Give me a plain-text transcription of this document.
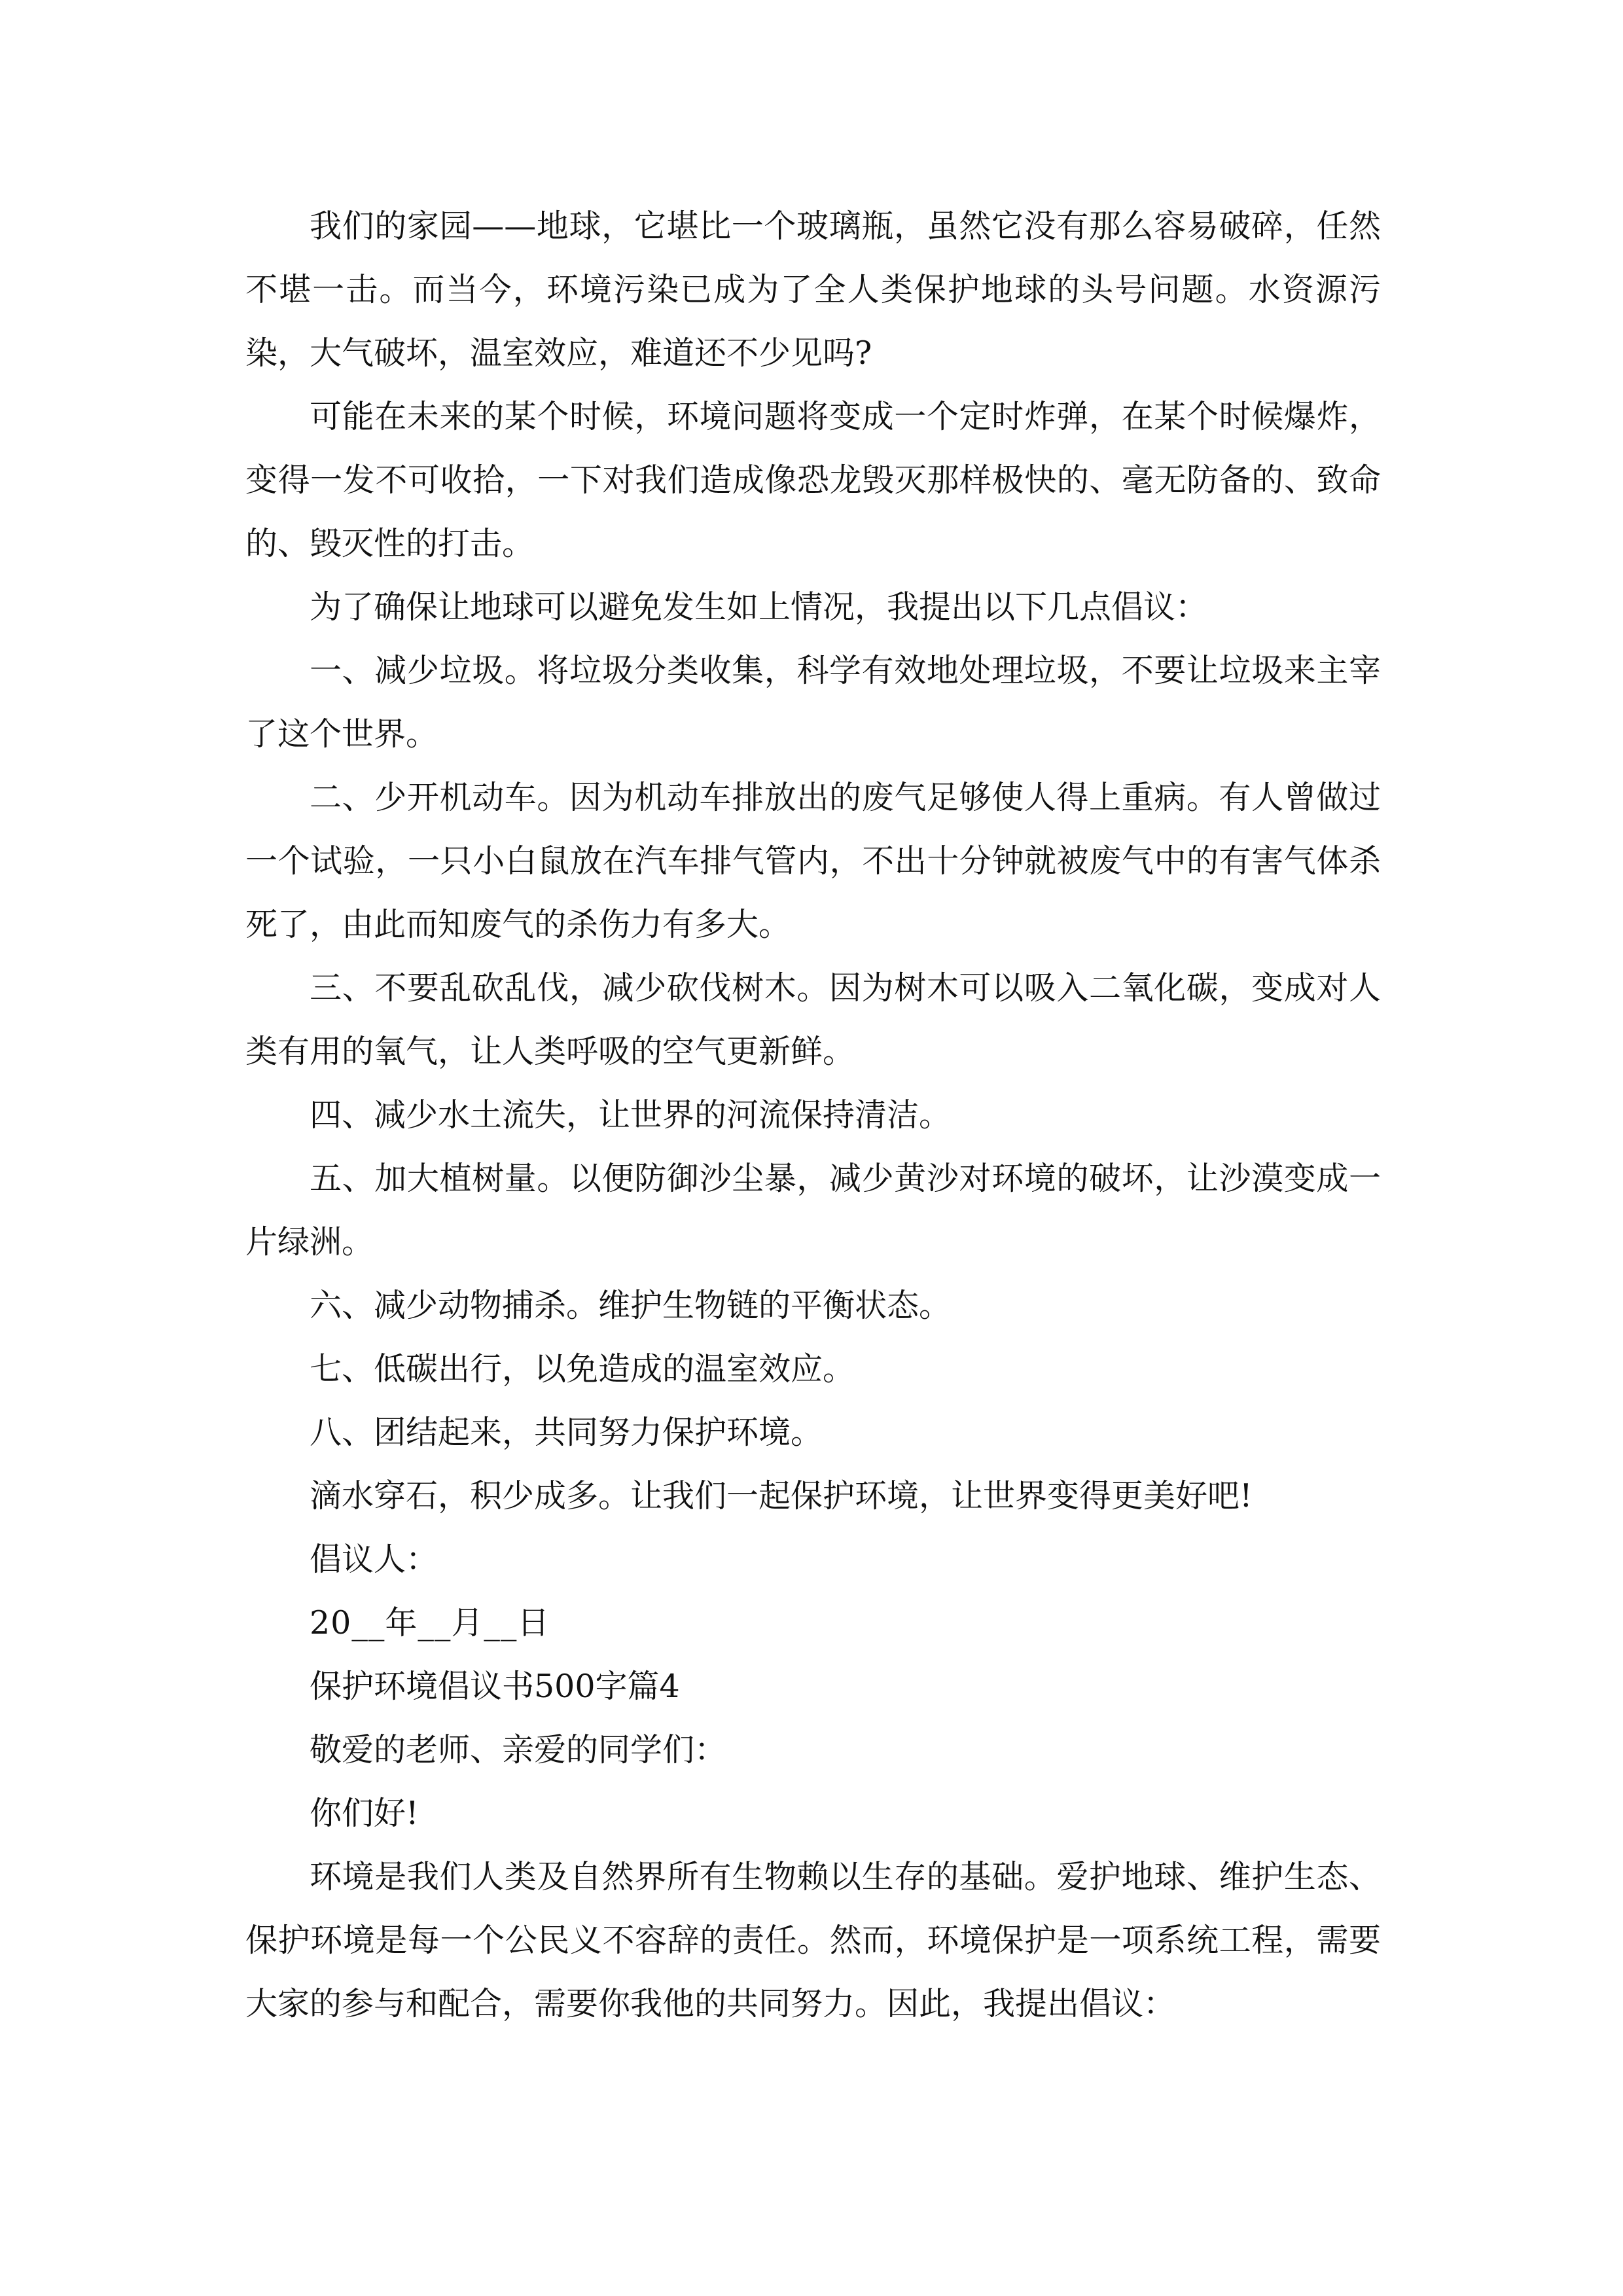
我们的家园——地球，它堪比一个玻璃瓶，虽然它没有那么容易破碎，任然不堪一击。而当今，环境污染已成为了全人类保护地球的头号问题。水资源污染，大气破坏，温室效应，难道还不少见吗?

可能在未来的某个时候，环境问题将变成一个定时炸弹，在某个时候爆炸，变得一发不可收拾，一下对我们造成像恐龙毁灭那样极快的、毫无防备的、致命的、毁灭性的打击。

为了确保让地球可以避免发生如上情况，我提出以下几点倡议：

一、减少垃圾。将垃圾分类收集，科学有效地处理垃圾，不要让垃圾来主宰了这个世界。

二、少开机动车。因为机动车排放出的废气足够使人得上重病。有人曾做过一个试验，一只小白鼠放在汽车排气管内，不出十分钟就被废气中的有害气体杀死了，由此而知废气的杀伤力有多大。

三、不要乱砍乱伐，减少砍伐树木。因为树木可以吸入二氧化碳，变成对人类有用的氧气，让人类呼吸的空气更新鲜。

四、减少水土流失，让世界的河流保持清洁。

五、加大植树量。以便防御沙尘暴，减少黄沙对环境的破坏，让沙漠变成一片绿洲。

六、减少动物捕杀。维护生物链的平衡状态。

七、低碳出行，以免造成的温室效应。

八、团结起来，共同努力保护环境。

滴水穿石，积少成多。让我们一起保护环境，让世界变得更美好吧!

倡议人：

20__年__月__日

保护环境倡议书500字篇4

敬爱的老师、亲爱的同学们：

你们好!

环境是我们人类及自然界所有生物赖以生存的基础。爱护地球、维护生态、保护环境是每一个公民义不容辞的责任。然而，环境保护是一项系统工程，需要大家的参与和配合，需要你我他的共同努力。因此，我提出倡议：
